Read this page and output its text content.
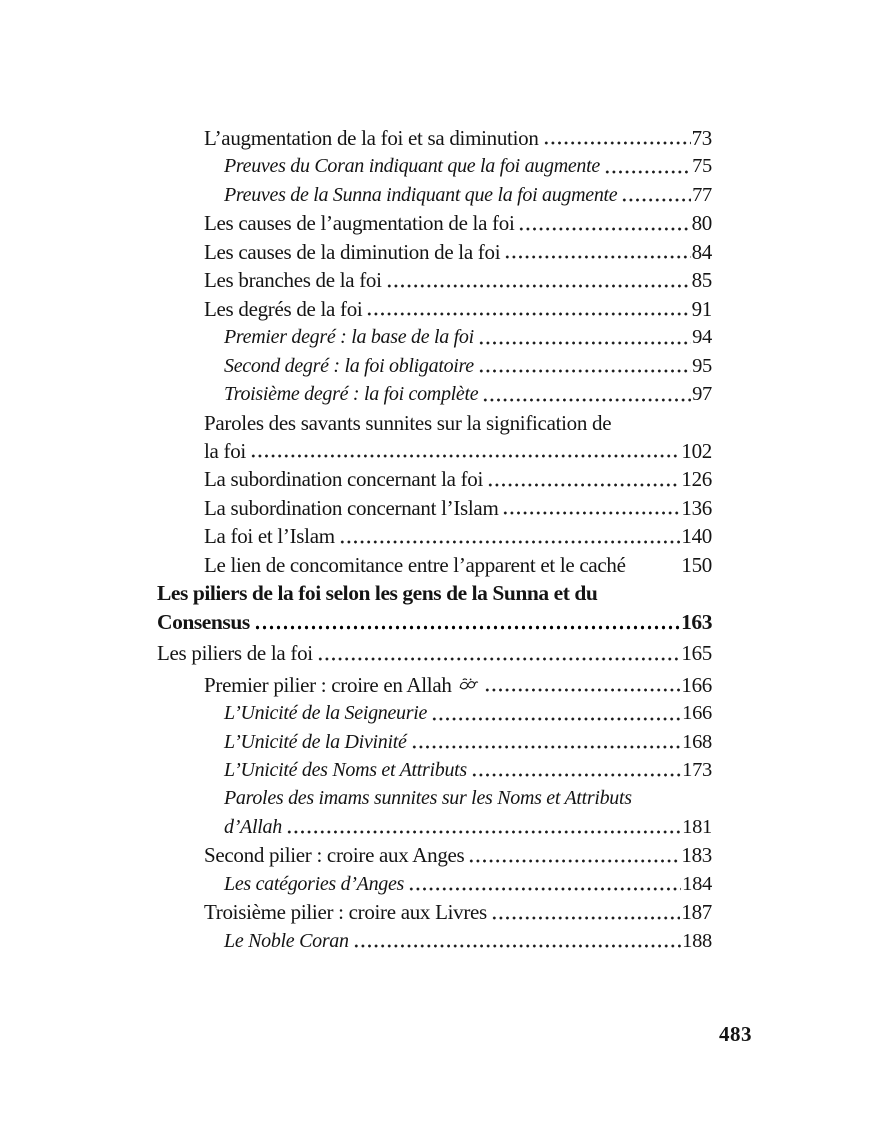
L’augmentation de la foi et sa diminution	73
Preuves du Coran indiquant que la foi augmente	75
Preuves de la Sunna indiquant que la foi augmente	77
Les causes de l’augmentation de la foi	80
Les causes de la diminution de la foi	84
Les branches de la foi	85
Les degrés de la foi	91
Premier degré : la base de la foi	94
Second degré : la foi obligatoire	95
Troisième degré : la foi complète	97
Paroles des savants sunnites sur la signification de
la foi	102
La subordination concernant la foi	126
La subordination concernant l’Islam	136
La foi et l’Islam	140
Le lien de concomitance entre l’apparent et le caché	150
Les piliers de la foi selon les gens de la Sunna et du
Consensus	163
Les piliers de la foi	165
Premier pilier : croire en Allah	166
L’Unicité de la Seigneurie	166
L’Unicité de la Divinité	168
L’Unicité des Noms et Attributs	173
Paroles des imams sunnites sur les Noms et Attributs
d’Allah	181
Second pilier : croire aux Anges	183
Les catégories d’Anges	184
Troisième pilier : croire aux Livres	187
Le Noble Coran	188
483
